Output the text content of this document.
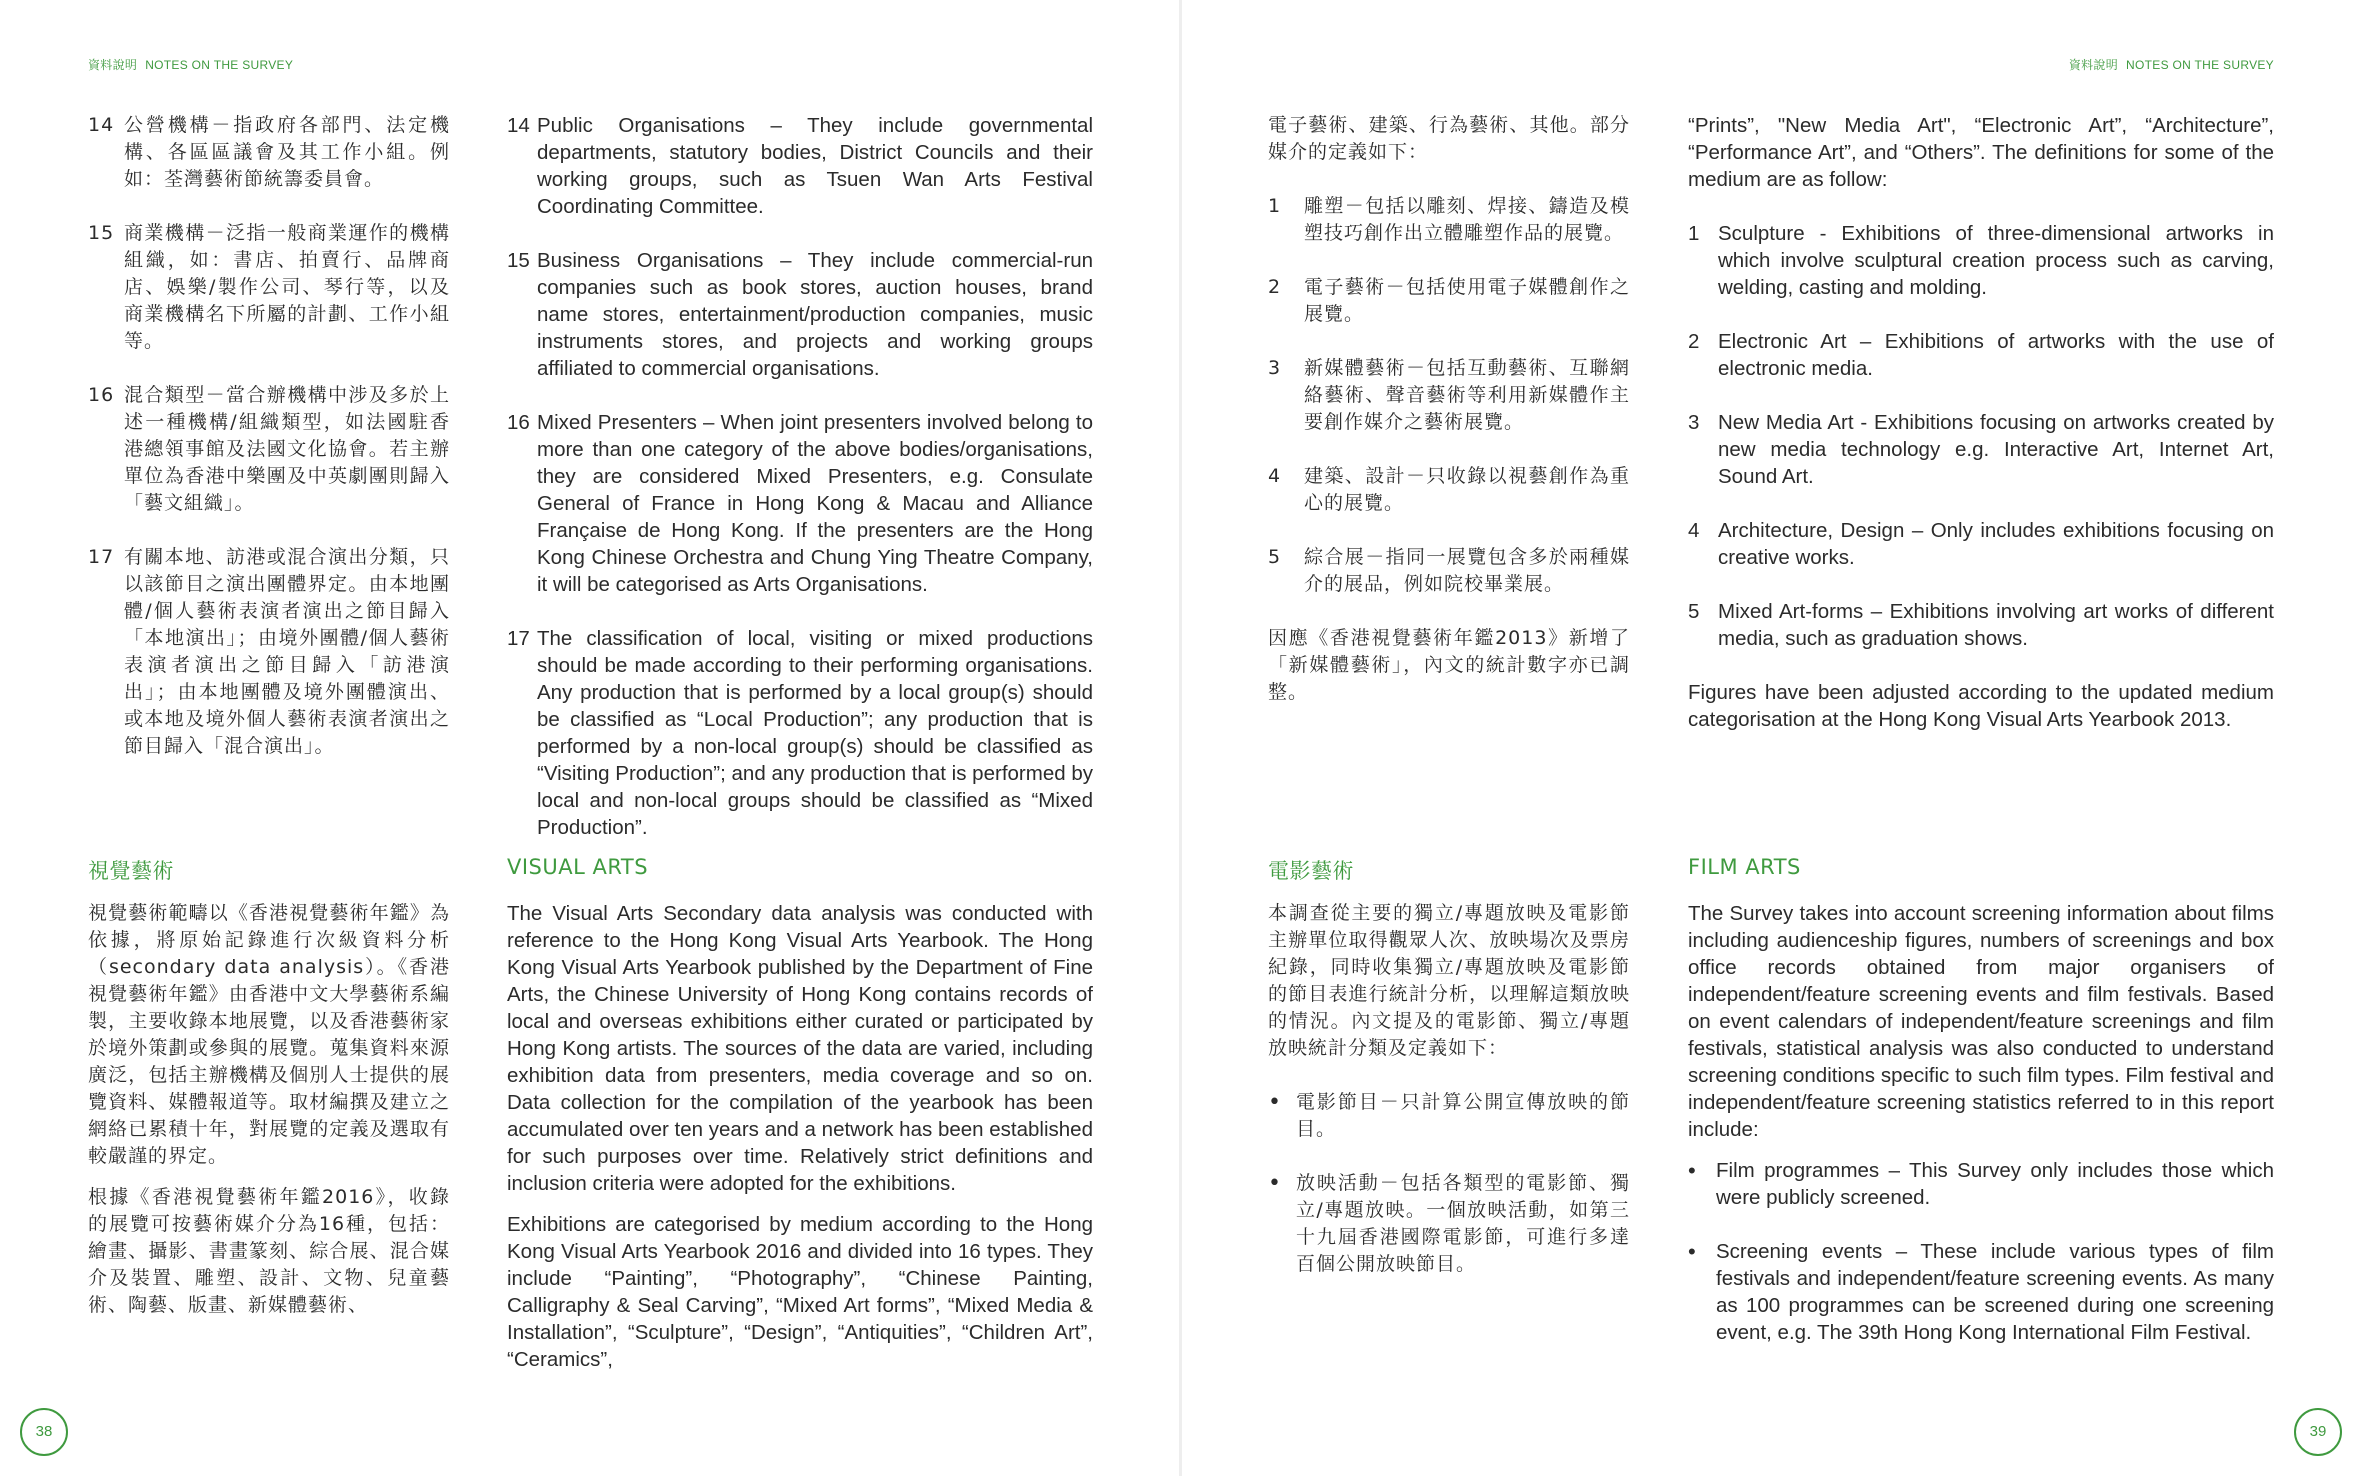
資料說明 NOTES ON THE SURVEY	資料說明 NOTES ON THE SURVEY
14 公營機構－指政府各部門、法定機構、各區區議會及其工作小組。例如：荃灣藝術節統籌委員會。
15 商業機構－泛指一般商業運作的機構組織，如：書店、拍賣行、品牌商店、娛樂/製作公司、琴行等，以及商業機構名下所屬的計劃、工作小組等。
16 混合類型－當合辦機構中涉及多於上述一種機構/組織類型，如法國駐香港總領事館及法國文化協會。若主辦單位為香港中樂團及中英劇團則歸入「藝文組織」。
17 有關本地、訪港或混合演出分類，只以該節目之演出團體界定。由本地團體/個人藝術表演者演出之節目歸入「本地演出」；由境外團體/個人藝術表演者演出之節目歸入「訪港演出」；由本地團體及境外團體演出、或本地及境外個人藝術表演者演出之節目歸入「混合演出」。
14 Public Organisations – They include governmental departments, statutory bodies, District Councils and their working groups, such as Tsuen Wan Arts Festival Coordinating Committee.
15 Business Organisations – They include commercial-run companies such as book stores, auction houses, brand name stores, entertainment/production companies, music instruments stores, and projects and working groups affiliated to commercial organisations.
16 Mixed Presenters – When joint presenters involved belong to more than one category of the above bodies/organisations, they are considered Mixed Presenters, e.g. Consulate General of France in Hong Kong & Macau and Alliance Française de Hong Kong. If the presenters are the Hong Kong Chinese Orchestra and Chung Ying Theatre Company, it will be categorised as Arts Organisations.
17 The classification of local, visiting or mixed productions should be made according to their performing organisations. Any production that is performed by a local group(s) should be classified as “Local Production”; any production that is performed by a non-local group(s) should be classified as “Visiting Production”; and any production that is performed by local and non-local groups should be classified as “Mixed Production”.
視覺藝術	VISUAL ARTS

視覺藝術範疇以《香港視覺藝術年鑑》為依據，將原始記錄進行次級資料分析（secondary data analysis）。《香港視覺藝術年鑑》由香港中文大學藝術系編製，主要收錄本地展覽，以及香港藝術家於境外策劃或參與的展覽。蒐集資料來源廣泛，包括主辦機構及個別人士提供的展覽資料、媒體報道等。取材編撰及建立之網絡已累積十年，對展覽的定義及選取有較嚴謹的界定。

根據《香港視覺藝術年鑑2016》，收錄的展覽可按藝術媒介分為16種，包括：繪畫、攝影、書畫篆刻、綜合展、混合媒介及裝置、雕塑、設計、文物、兒童藝術、陶藝、版畫、新媒體藝術、

The Visual Arts Secondary data analysis was conducted with reference to the Hong Kong Visual Arts Yearbook. The Hong Kong Visual Arts Yearbook published by the Department of Fine Arts, the Chinese University of Hong Kong contains records of local and overseas exhibitions either curated or participated by Hong Kong artists. The sources of the data are varied, including exhibition data from presenters, media coverage and so on. Data collection for the compilation of the yearbook has been accumulated over ten years and a network has been established for such purposes over time. Relatively strict definitions and inclusion criteria were adopted for the exhibitions.

Exhibitions are categorised by medium according to the Hong Kong Visual Arts Yearbook 2016 and divided into 16 types. They include “Painting”, “Photography”, “Chinese Painting, Calligraphy & Seal Carving”, “Mixed Art forms”, “Mixed Media & Installation”, “Sculpture”, “Design”, “Antiquities”, “Children Art”, “Ceramics”,

電子藝術、建築、行為藝術、其他。部分媒介的定義如下：

1	雕塑－包括以雕刻、焊接、鑄造及模塑技巧創作出立體雕塑作品的展覽。
2	電子藝術－包括使用電子媒體創作之展覽。
3	新媒體藝術－包括互動藝術、互聯網絡藝術、聲音藝術等利用新媒體作主要創作媒介之藝術展覽。
4	建築、設計－只收錄以視藝創作為重心的展覽。
5	綜合展－指同一展覽包含多於兩種媒介的展品，例如院校畢業展。

因應《香港視覺藝術年鑑2013》新增了「新媒體藝術」，內文的統計數字亦已調整。

“Prints”, "New Media Art", “Electronic Art”, “Architecture”, “Performance Art”, and “Others”. The definitions for some of the medium are as follow:

1 Sculpture - Exhibitions of three-dimensional artworks in which involve sculptural creation process such as carving, welding, casting and molding.
2 Electronic Art – Exhibitions of artworks with the use of electronic media.
3 New Media Art - Exhibitions focusing on artworks created by new media technology e.g. Interactive Art, Internet Art, Sound Art.
4 Architecture, Design – Only includes exhibitions focusing on creative works.
5 Mixed Art-forms – Exhibitions involving art works of different media, such as graduation shows.

Figures have been adjusted according to the updated medium categorisation at the Hong Kong Visual Arts Yearbook 2013.

電影藝術	FILM ARTS

本調查從主要的獨立/專題放映及電影節主辦單位取得觀眾人次、放映場次及票房紀錄，同時收集獨立/專題放映及電影節的節目表進行統計分析，以理解這類放映的情況。內文提及的電影節、獨立/專題放映統計分類及定義如下：

• 電影節目－只計算公開宣傳放映的節目。
• 放映活動－包括各類型的電影節、獨立/專題放映。一個放映活動，如第三十九屆香港國際電影節，可進行多達百個公開放映節目。

The Survey takes into account screening information about films including audienceship figures, numbers of screenings and box office records obtained from major organisers of independent/feature screening events and film festivals. Based on event calendars of independent/feature screenings and film festivals, statistical analysis was also conducted to understand screening conditions specific to such film types. Film festival and independent/feature screening statistics referred to in this report include:

• Film programmes – This Survey only includes those which were publicly screened.
• Screening events – These include various types of film festivals and independent/feature screening events. As many as 100 programmes can be screened during one screening event, e.g. The 39th Hong Kong International Film Festival.
38	39
